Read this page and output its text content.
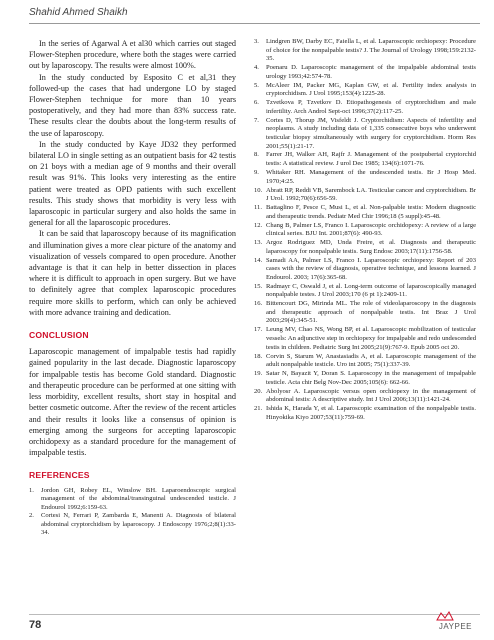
Shahid Ahmed Shaikh

In the series of Agarwal A et al30 which carries out staged Flower-Stephen procedure, where both the stages were carried out by laparoscopy. The results were almost 100%.

In the study conducted by Esposito C et al,31 they followed-up the cases that had undergone LO by staged Flower-Stephen technique for more than 10 years postoperatively, and they had more than 83% success rate. These results clear the doubts about the long-term results of the use of laparoscopy.

In the study conducted by Kaye JD32 they performed bilateral LO in single setting as an outpatient basis for 42 testis on 21 boys with a median age of 9 months and their overall result was 91%. This looks very interesting as the entire patient were treated as OPD patients with such excellent results. This study shows that morbidity is very less with laparoscopic in particular surgery and also holds the same in general for all the laparoscopic procedures.

It can be said that laparoscopy because of its magnification and illumination gives a more clear picture of the anatomy and visualization of vessels compared to open procedure. Another advantage is that it can help in better dissection in places where it is difficult to approach in open surgery. But we have to definitely agree that complex laparoscopic procedures require more skills to perform, which can only be achieved with more advance training and dedication.

CONCLUSION

Laparoscopic management of impalpable testis had rapidly gained popularity in the last decade. Diagnostic laparoscopy for impalpable testis has become Gold standard. Diagnostic and therapeutic procedure can be performed at one sitting with less morbidity, excellent results, short stay in hospital and better cosmetic outcome. After the review of the recent articles and their results it looks like a consensus of opinion is emerging among the surgeons for accepting laparoscopic orchidopexy as a standard procedure for the management of impalpable testis.

REFERENCES
1. Jordon GH, Robey EL, Winslow BH. Laparoendoscopic surgical management of the abdominal/transinguinal undescended testicle. J Endourol 1992;6:159-63.
2. Cortesi N, Ferrari P, Zambarda E, Manenti A. Diagnosis of bilateral abdominal cryptorchidism by laparoscopy. J Endoscopy 1976;2;8(1):33-34.
3. Lindgren BW, Darby EC, Faiella L, et al. Laparoscopic orchiopexy: Procedure of choice for the nonpalpable testis? J. The Journal of Urology 1998;159:2132-35.
4. Poenaru D. Laparoscopic management of the impalpable abdominal testis urology 1993;42:574-78.
5. McAleer IM, Packer MG, Kaplan GW, et al. Fertility index analysis in cryptorchidism. J Urol 1995;153(4):1225-28.
6. Tzvetkova P, Tzvetkov D. Etiopathogenesis of cryptorchidism and male infertility. Arch Androl Sept-oct 1996;37(2):117-25.
7. Cortes D, Thorup JM, Visfeldt J. Cryptorchidism: Aspects of infertility and neoplasms. A study including data of 1,335 consecutive boys who underwent testicular biopsy simultaneously with surgery for cryptorchidism. Horm Res 2001;55(1):21-17.
8. Farrer JH, Walker AH, Rajfr J. Management of the postpubertal cryptorchid testis: A statistical review. J urol Dec 1985; 134(6):1071-76.
9. Whitaker RH. Management of the undescended testis. Br J Hosp Med. 1970;4:25.
10. Abratt RP, Reddi VB, Sarembock LA. Testicular cancer and cryptorchidism. Br J Urol. 1992;70(6):656-59.
11. Battaglino F, Pesce C, Musi L, et al. Non-palpable testis: Modern diagnostic and therapeutic trends. Pediatr Med Chir 1996;18 (5 suppl):45-48.
12. Chang B, Palmer LS, Franco I. Laparoscopic orchidopexy: A review of a large clinical series. BJU Int. 2001;87(6): 490-93.
13. Argoz Rodriguez MD, Unda Freire, et al. Diagnosis and therapeutic laparoscopy for nonpalpable testis. Surg Endosc 2003;17(11):1756-58.
14. Samadi AA, Palmer LS, Franco I. Laparoscopic orchiopexy: Report of 203 cases with the review of diagnosis, operative technique, and lessons learned. J Endourol. 2003; 17(6):365-68.
15. Radmayr C, Oswald J, et al. Long-term outcome of laparoscopically managed nonpalpable testes. J Urol 2003;170 (6 pt 1):2409-11.
16. Bittencourt DG, Mirinda ML. The role of videolaparoscopy in the diagnosis and therapeutic approach of nonpalpable testis. Int Braz J Urol 2003;29(4):345-51.
17. Leung MV, Chao NS, Wong BP, et al. Laparoscopic mobilization of testicular vessels: An adjunctive step in orchiopexy for impalpable and redo undescended testis in children. Pediatric Surg Int 2005;21(9):767-9. Epub 2005 oct 20.
18. Corvin S, Starum W, Anastasiadis A, et al. Laparoscopic management of the adult nonpalpable testicle. Uro int 2005; 75(1):337-39.
19. Satar N, Bayazit Y, Doran S. Laparoscopy in the management of impalpable testicle. Acta chir Belg Nov-Dec 2005;105(6): 662-66.
20. Abolyosr A. Laparoscopic versus open orchiopexy in the management of abdominal testis: A descriptive study. Int J Urol 2006;13(11):1421-24.
21. Ishida K, Harada Y, et al. Laparoscopic examination of the nonpalpable testis. Hinyokika Kiyo 2007;53(11):759-69.
78	JAYPEE
